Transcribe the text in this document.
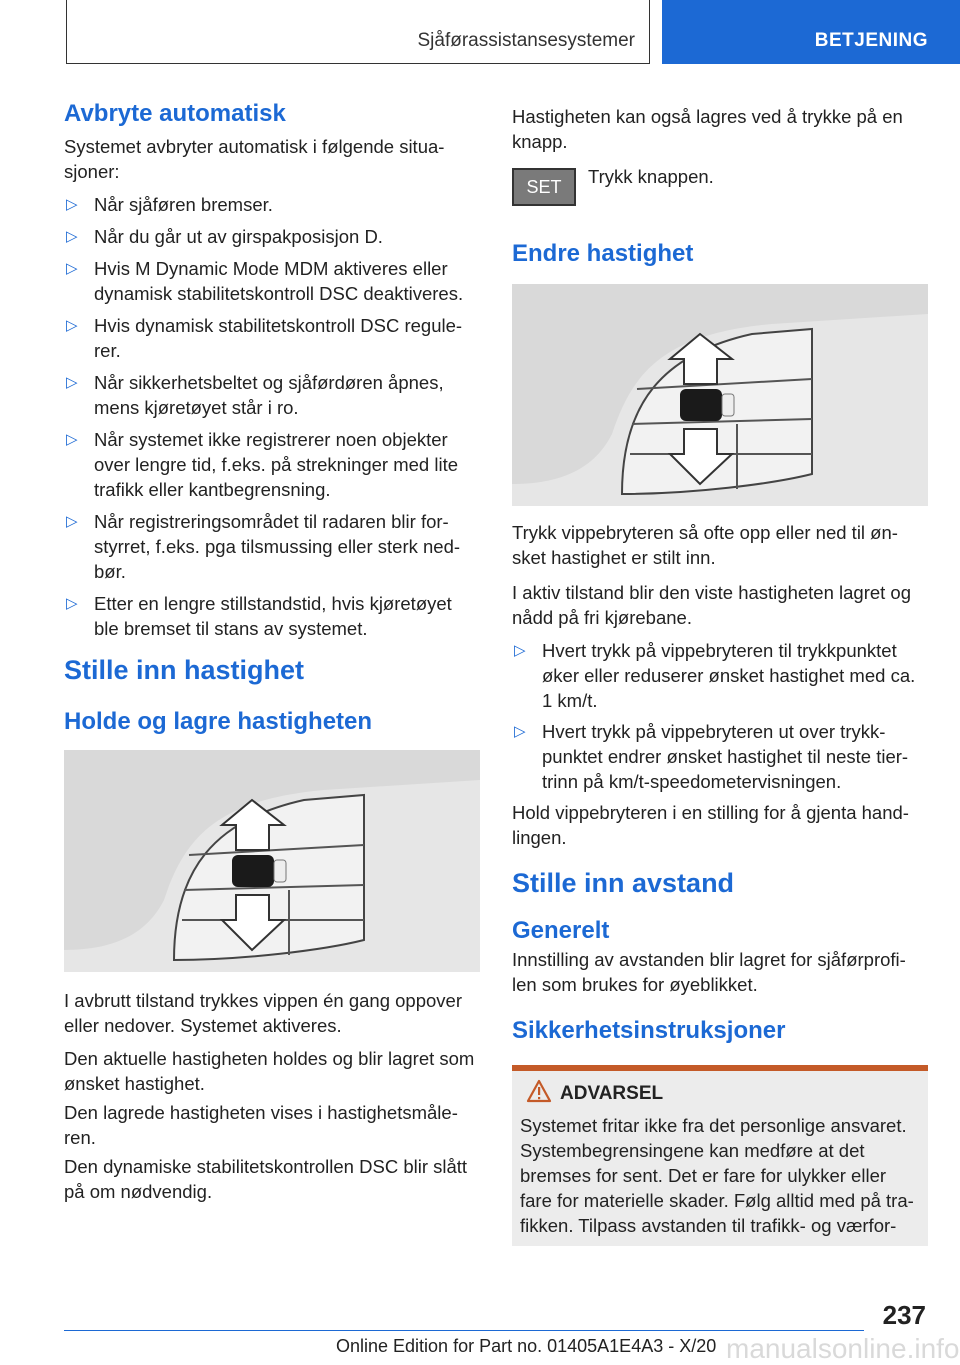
Sjåførassistansesystemer	BETJENING
Avbryte automatisk

Systemet avbryter automatisk i følgende situa-sjoner:

▷ Når sjåføren bremser.
▷ Når du går ut av girspakposisjon D.
▷ Hvis M Dynamic Mode MDM aktiveres eller dynamisk stabilitetskontroll DSC deaktiveres.
▷ Hvis dynamisk stabilitetskontroll DSC regule-rer.
▷ Når sikkerhetsbeltet og sjåførdøren åpnes, mens kjøretøyet står i ro.
▷ Når systemet ikke registrerer noen objekter over lengre tid, f.eks. på strekninger med lite trafikk eller kantbegrensning.
▷ Når registreringsområdet til radaren blir for-styrret, f.eks. pga tilsmussing eller sterk ned-bør.
▷ Etter en lengre stillstandstid, hvis kjøretøyet ble bremset til stans av systemet.
Stille inn hastighet
Holde og lagre hastigheten

I avbrutt tilstand trykkes vippen én gang oppover eller nedover. Systemet aktiveres.

Den aktuelle hastigheten holdes og blir lagret som ønsket hastighet.

Den lagrede hastigheten vises i hastighetsmåle-ren.

Den dynamiske stabilitetskontrollen DSC blir slått på om nødvendig.

Hastigheten kan også lagres ved å trykke på en knapp.

SET Trykk knappen.
Endre hastighet

Trykk vippebryteren så ofte opp eller ned til øn-sket hastighet er stilt inn.

I aktiv tilstand blir den viste hastigheten lagret og nådd på fri kjørebane.

▷ Hvert trykk på vippebryteren til trykkpunktet øker eller reduserer ønsket hastighet med ca. 1 km/t.
▷ Hvert trykk på vippebryteren ut over trykk-punktet endrer ønsket hastighet til neste tier-trinn på km/t-speedometervisningen.

Hold vippebryteren i en stilling for å gjenta hand-lingen.

Stille inn avstand
Generelt

Innstilling av avstanden blir lagret for sjåførprofi-len som brukes for øyeblikket.

Sikkerhetsinstruksjoner
ADVARSEL

Systemet fritar ikke fra det personlige ansvaret. Systembegrensingene kan medføre at det bremses for sent. Det er fare for ulykker eller fare for materielle skader. Følg alltid med på tra-fikken. Tilpass avstanden til trafikk- og værfor-

237
manualsonline.info
Online Edition for Part no. 01405A1E4A3 - X/20
